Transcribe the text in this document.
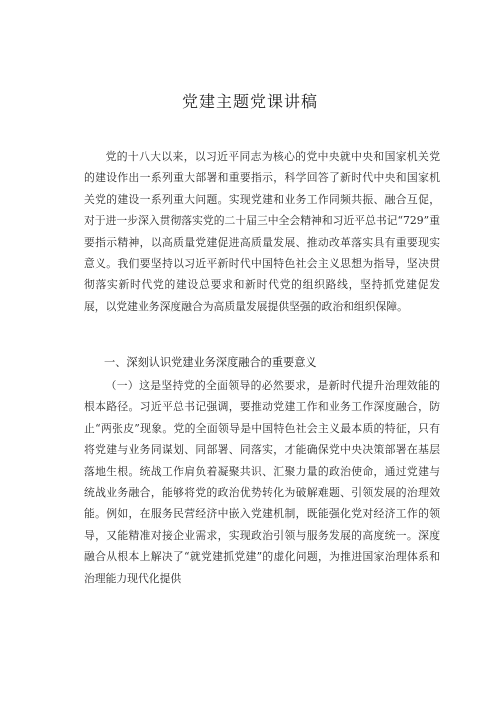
党建主题党课讲稿
党的十八大以来，以习近平同志为核心的党中央就中央和国家机关党的建设作出一系列重大部署和重要指示，科学回答了新时代中央和国家机关党的建设一系列重大问题。实现党建和业务工作同频共振、融合互促，对于进一步深入贯彻落实党的二十届三中全会精神和习近平总书记“729”重要指示精神，以高质量党建促进高质量发展、推动改革落实具有重要现实意义。我们要坚持以习近平新时代中国特色社会主义思想为指导，坚决贯彻落实新时代党的建设总要求和新时代党的组织路线，坚持抓党建促发展，以党建业务深度融合为高质量发展提供坚强的政治和组织保障。
一、深刻认识党建业务深度融合的重要意义
（一）这是坚持党的全面领导的必然要求，是新时代提升治理效能的根本路径。习近平总书记强调，要推动党建工作和业务工作深度融合，防止“两张皮”现象。党的全面领导是中国特色社会主义最本质的特征，只有将党建与业务同谋划、同部署、同落实，才能确保党中央决策部署在基层落地生根。统战工作肩负着凝聚共识、汇聚力量的政治使命，通过党建与统战业务融合，能够将党的政治优势转化为破解难题、引领发展的治理效能。例如，在服务民营经济中嵌入党建机制，既能强化党对经济工作的领导，又能精准对接企业需求，实现政治引领与服务发展的高度统一。深度融合从根本上解决了“就党建抓党建”的虚化问题，为推进国家治理体系和治理能力现代化提供
